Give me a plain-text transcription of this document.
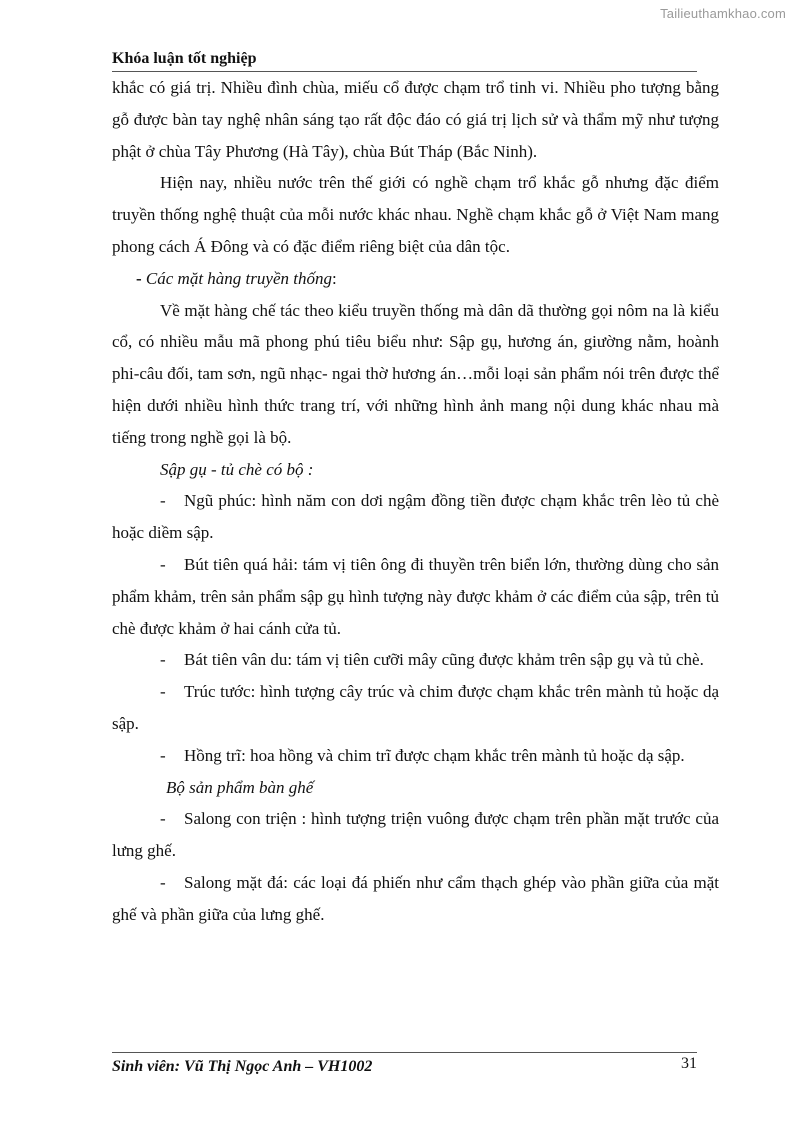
Tailieuthamkhao.com
Khóa luận tốt nghiệp

khắc có giá trị. Nhiều đình chùa, miếu cổ được chạm trổ tinh vi. Nhiều pho tượng bằng gỗ được bàn tay nghệ nhân sáng tạo rất độc đáo có giá trị lịch sử và thẩm mỹ như tượng phật ở chùa Tây Phương (Hà Tây), chùa Bút Tháp (Bắc Ninh).

Hiện nay, nhiều nước trên thế giới có nghề chạm trổ khắc gỗ nhưng đặc điểm truyền thống nghệ thuật của mỗi nước khác nhau. Nghề chạm khắc gỗ ở Việt Nam mang phong cách Á Đông và có đặc điểm riêng biệt của dân tộc.

- Các mặt hàng truyền thống:

Về mặt hàng chế tác theo kiểu truyền thống mà dân dã thường gọi nôm na là kiểu cổ, có nhiều mẫu mã phong phú tiêu biểu như: Sập gụ, hương án, giường nằm, hoành phi-câu đối, tam sơn, ngũ nhạc- ngai thờ hương án…mỗi loại sản phẩm nói trên được thể hiện dưới nhiều hình thức trang trí, với những hình ảnh mang nội dung khác nhau mà tiếng trong nghề gọi là bộ.

Sập gụ - tủ chè có bộ :

- Ngũ phúc: hình năm con dơi ngậm đồng tiền được chạm khắc trên lèo tủ chè hoặc diềm sập.

- Bút tiên quá hải: tám vị tiên ông đi thuyền trên biển lớn, thường dùng cho sản phẩm khảm, trên sản phẩm sập gụ hình tượng này được khảm ở các điểm của sập, trên tủ chè được khảm ở hai cánh cửa tủ.

- Bát tiên vân du: tám vị tiên cưỡi mây cũng được khảm trên sập gụ và tủ chè.

- Trúc tước: hình tượng cây trúc và chim được chạm khắc trên mành tủ hoặc dạ sập.

- Hồng trĩ: hoa hồng và chim trĩ được chạm khắc trên mành tủ hoặc dạ sập.

Bộ sản phẩm bàn ghế

- Salong con triện : hình tượng triện vuông được chạm trên phần mặt trước của lưng ghế.

- Salong mặt đá: các loại đá phiến như cẩm thạch ghép vào phần giữa của mặt ghế và phần giữa của lưng ghế.

Sinh viên: Vũ Thị Ngọc Anh – VH1002	31
